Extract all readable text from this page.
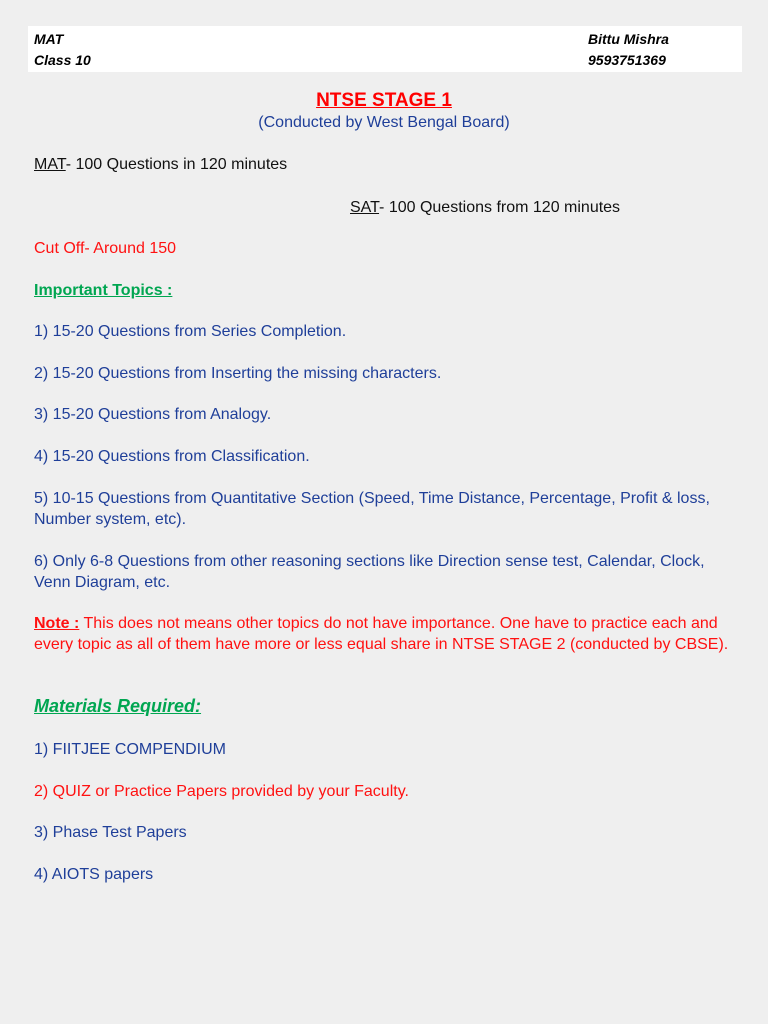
MAT
Class 10
Bittu Mishra
9593751369
NTSE STAGE 1
(Conducted by West Bengal Board)
MAT- 100 Questions in 120 minutes
SAT- 100 Questions from 120 minutes
Cut Off- Around 150
Important Topics :
1) 15-20 Questions from Series Completion.
2) 15-20 Questions from Inserting the missing characters.
3) 15-20 Questions from Analogy.
4) 15-20 Questions from Classification.
5) 10-15 Questions from Quantitative Section (Speed, Time Distance, Percentage, Profit & loss, Number system, etc).
6) Only 6-8 Questions from other reasoning sections like Direction sense test, Calendar, Clock, Venn Diagram, etc.
Note : This does not means other topics do not have importance. One have to practice each and every topic as all of them have more or less equal share in NTSE STAGE 2 (conducted by CBSE).
Materials Required:
1) FIITJEE COMPENDIUM
2) QUIZ or Practice Papers provided by your Faculty.
3) Phase Test Papers
4) AIOTS papers
